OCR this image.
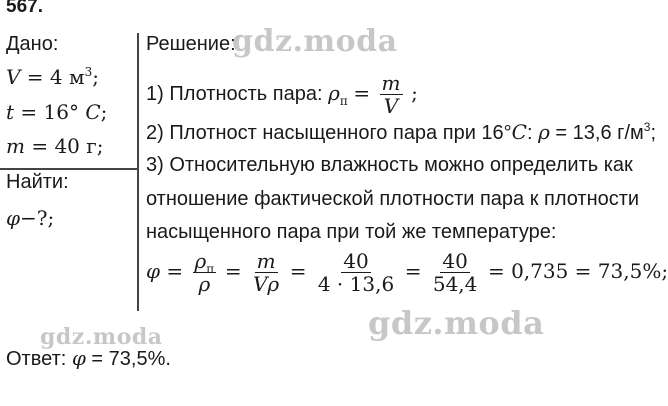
567.
Дано:
V = 4 $м^3$;
t = 16° C;
m = 40 г;
Найти:
φ−?;
Решение:
1) Плотность пара: $\rho_п = \frac{m}{V}$ ;
2) Плотност насыщенного пара при 16°C: ρ = 13,6 $г/м^3$;
3) Относительную влажность можно определить как
отношение фактической плотности пара к плотности
насыщенного пара при той же температуре:
$\varphi = \frac{\rho_п}{\rho} = \frac{m}{V\rho} = \frac{40}{4 \cdot 13,6} = \frac{40}{54,4} = 0,735 = 73,5\%$;
Ответ: φ = 73,5%.
gdz.moda
gdz.moda	gdz.moda
